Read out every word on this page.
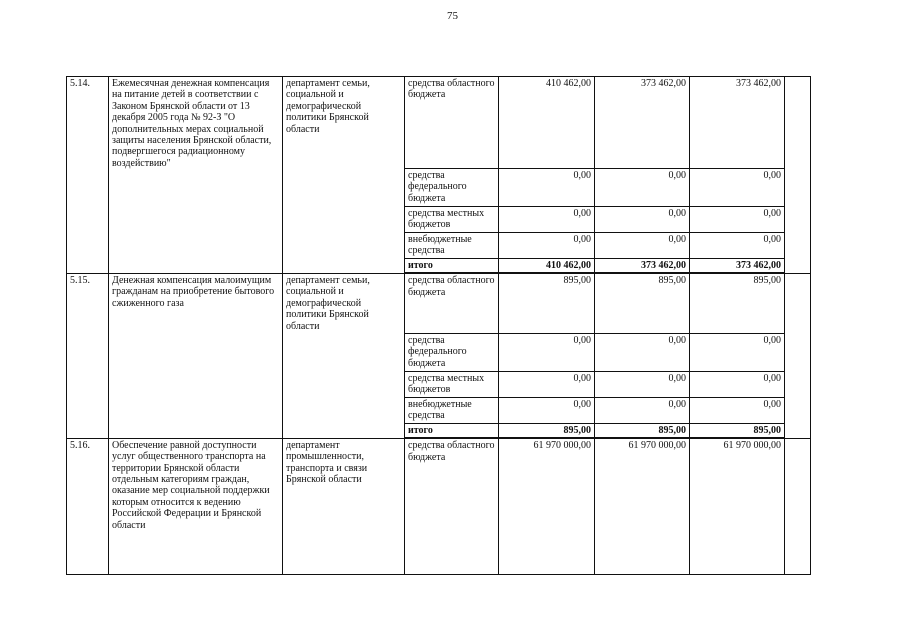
75
5.14.	Ежемесячная денежная компенсация на питание детей в соответствии с Законом Брянской области от 13 декабря 2005 года № 92-З "О дополнительных мерах социальной защиты населения Брянской области, подвергшегося радиационному воздействию"	департамент семьи, социальной и демографической политики Брянской области	средства областного бюджета	410 462,00	373 462,00	373 462,00	
			средства федерального бюджета	0,00	0,00	0,00	
			средства местных бюджетов	0,00	0,00	0,00	
			внебюджетные средства	0,00	0,00	0,00	
			итого	410 462,00	373 462,00	373 462,00	
5.15.	Денежная компенсация малоимущим гражданам на приобретение бытового сжиженного газа	департамент семьи, социальной и демографической политики Брянской области	средства областного бюджета	895,00	895,00	895,00	
			средства федерального бюджета	0,00	0,00	0,00	
			средства местных бюджетов	0,00	0,00	0,00	
			внебюджетные средства	0,00	0,00	0,00	
			итого	895,00	895,00	895,00	
5.16.	Обеспечение равной доступности услуг общественного транспорта на территории Брянской области отдельным категориям граждан, оказание мер социальной поддержки которым относится к ведению Российской Федерации и Брянской области	департамент промышленности, транспорта и связи Брянской области	средства областного бюджета	61 970 000,00	61 970 000,00	61 970 000,00	
